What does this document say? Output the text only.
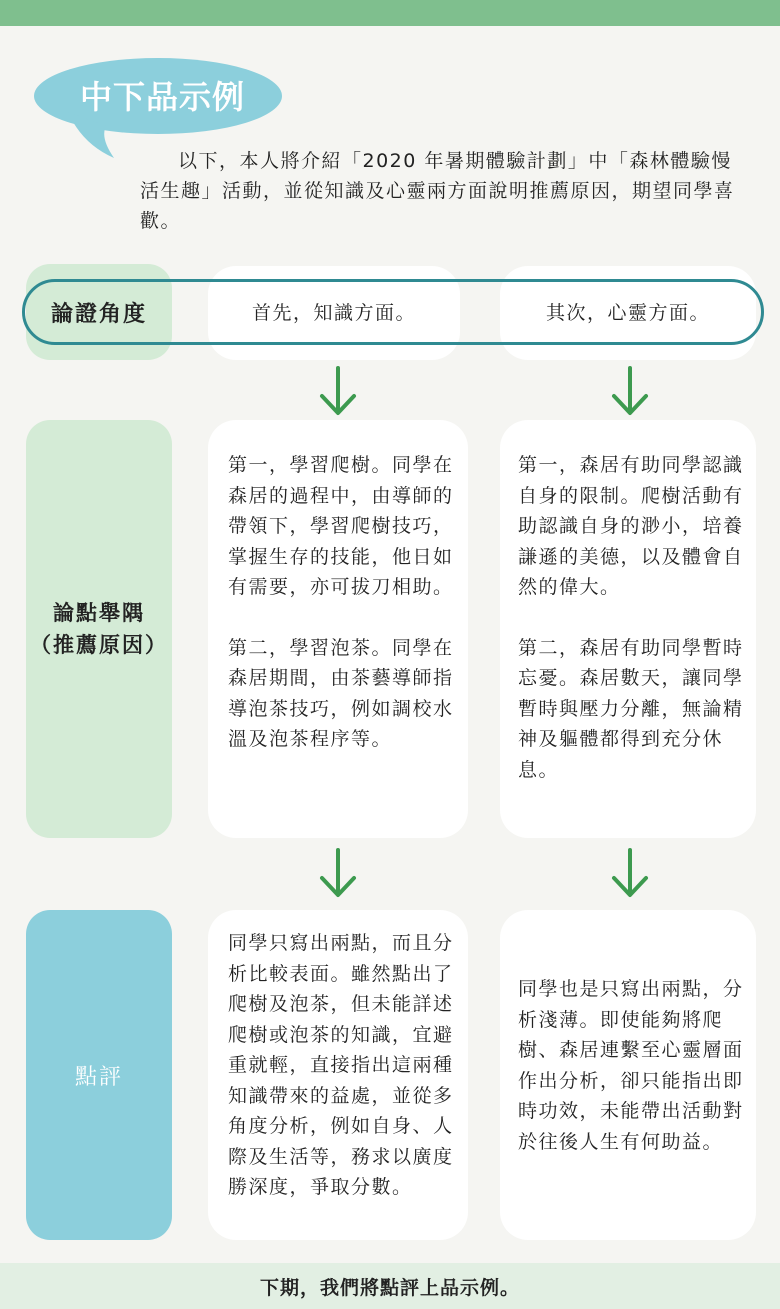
中下品示例
以下，本人將介紹「2020 年暑期體驗計劃」中「森林體驗慢活生趣」活動，並從知識及心靈兩方面說明推薦原因，期望同學喜歡。
論證角度	首先，知識方面。	其次，心靈方面。
論點舉隅
（推薦原因）

第一，學習爬樹。同學在森居的過程中，由導師的帶領下，學習爬樹技巧，掌握生存的技能，他日如有需要，亦可拔刀相助。

第二，學習泡茶。同學在森居期間，由茶藝導師指導泡茶技巧，例如調校水溫及泡茶程序等。

第一，森居有助同學認識自身的限制。爬樹活動有助認識自身的渺小，培養謙遜的美德，以及體會自然的偉大。

第二，森居有助同學暫時忘憂。森居數天，讓同學暫時與壓力分離，無論精神及軀體都得到充分休息。

點評

同學只寫出兩點，而且分析比較表面。雖然點出了爬樹及泡茶，但未能詳述爬樹或泡茶的知識，宜避重就輕，直接指出這兩種知識帶來的益處，並從多角度分析，例如自身、人際及生活等，務求以廣度勝深度，爭取分數。

同學也是只寫出兩點，分析淺薄。即使能夠將爬樹、森居連繫至心靈層面作出分析，卻只能指出即時功效，未能帶出活動對於往後人生有何助益。

下期，我們將點評上品示例。
